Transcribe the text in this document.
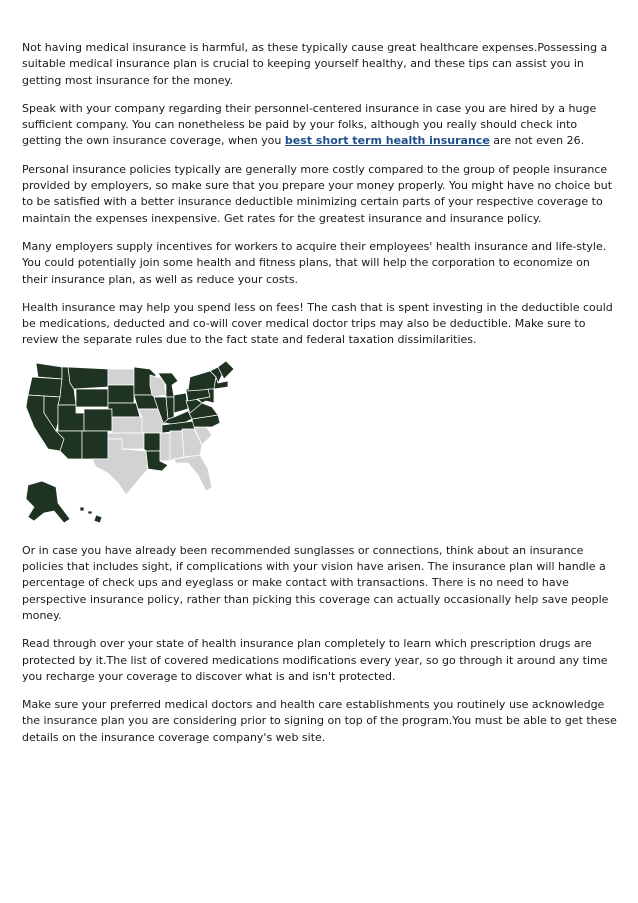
Not having medical insurance is harmful, as these typically cause great healthcare expenses.Possessing a suitable medical insurance plan is crucial to keeping yourself healthy, and these tips can assist you in getting most insurance for the money.

Speak with your company regarding their personnel-centered insurance in case you are hired by a huge sufficient company. You can nonetheless be paid by your folks, although you really should check into getting the own insurance coverage, when you best short term health insurance are not even 26.

Personal insurance policies typically are generally more costly compared to the group of people insurance provided by employers, so make sure that you prepare your money properly. You might have no choice but to be satisfied with a better insurance deductible minimizing certain parts of your respective coverage to maintain the expenses inexpensive. Get rates for the greatest insurance and insurance policy.

Many employers supply incentives for workers to acquire their employees' health insurance and life-style. You could potentially join some health and fitness plans, that will help the corporation to economize on their insurance plan, as well as reduce your costs.

Health insurance may help you spend less on fees! The cash that is spent investing in the deductible could be medications, deducted and co-will cover medical doctor trips may also be deductible. Make sure to review the separate rules due to the fact state and federal taxation dissimilarities.

Or in case you have already been recommended sunglasses or connections, think about an insurance policies that includes sight, if complications with your vision have arisen. The insurance plan will handle a percentage of check ups and eyeglass or make contact with transactions. There is no need to have perspective insurance policy, rather than picking this coverage can actually occasionally help save people money.

Read through over your state of health insurance plan completely to learn which prescription drugs are protected by it.The list of covered medications modifications every year, so go through it around any time you recharge your coverage to discover what is and isn't protected.

Make sure your preferred medical doctors and health care establishments you routinely use acknowledge the insurance plan you are considering prior to signing on top of the program.You must be able to get these details on the insurance coverage company's web site.
